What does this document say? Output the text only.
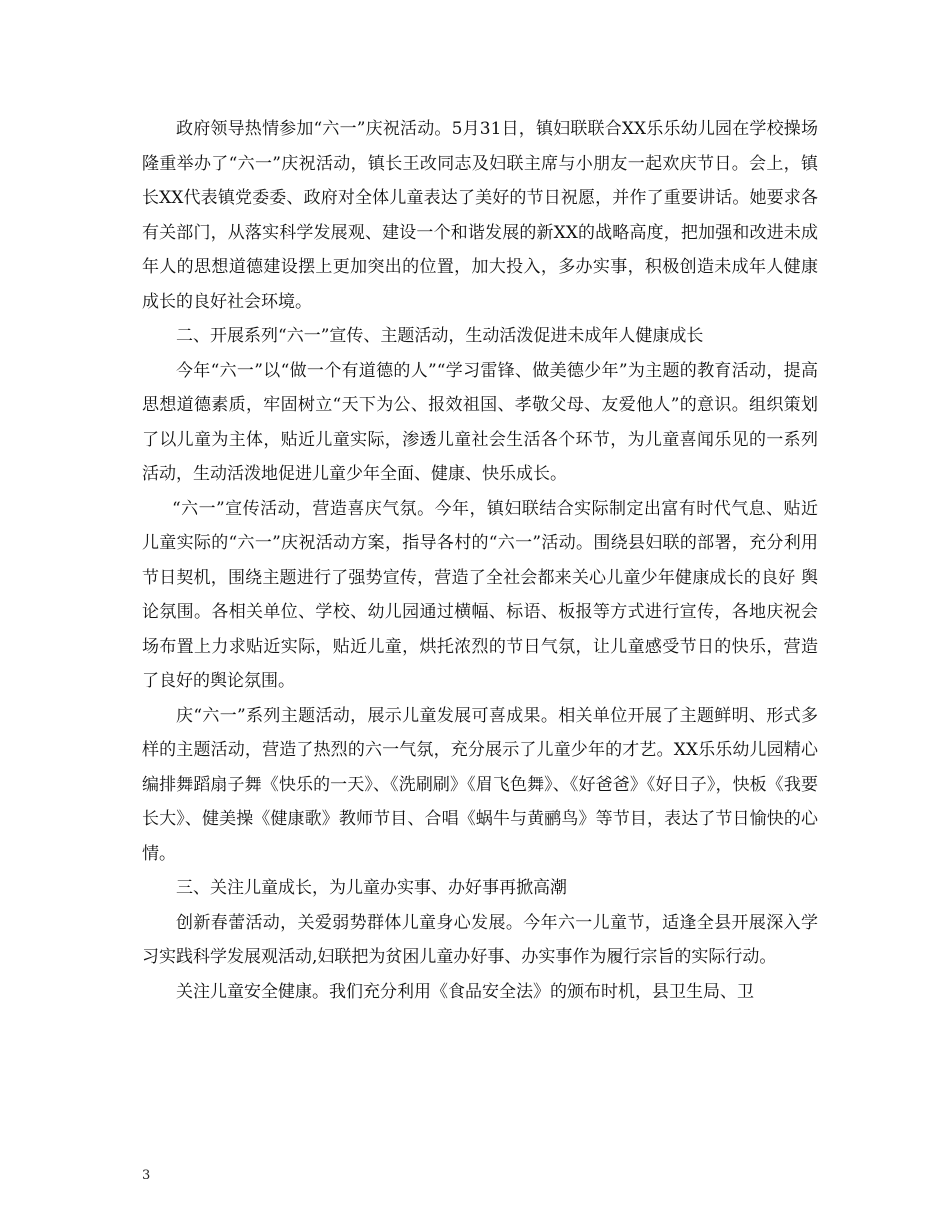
政府领导热情参加“六一”庆祝活动。5月31日，镇妇联联合XX乐乐幼儿园在学校操场隆重举办了“六一”庆祝活动，镇长王改同志及妇联主席与小朋友一起欢庆节日。会上，镇长XX代表镇党委委、政府对全体儿童表达了美好的节日祝愿，并作了重要讲话。她要求各有关部门，从落实科学发展观、建设一个和谐发展的新XX的战略高度，把加强和改进未成年人的思想道德建设摆上更加突出的位置，加大投入，多办实事，积极创造未成年人健康成长的良好社会环境。

二、开展系列“六一”宣传、主题活动，生动活泼促进未成年人健康成长

今年“六一”以“做一个有道德的人”“学习雷锋、做美德少年”为主题的教育活动，提高思想道德素质，牢固树立“天下为公、报效祖国、孝敬父母、友爱他人”的意识。组织策划了以儿童为主体，贴近儿童实际，渗透儿童社会生活各个环节，为儿童喜闻乐见的一系列活动，生动活泼地促进儿童少年全面、健康、快乐成长。

“六一”宣传活动，营造喜庆气氛。今年，镇妇联结合实际制定出富有时代气息、贴近儿童实际的“六一”庆祝活动方案，指导各村的“六一”活动。围绕县妇联的部署，充分利用节日契机，围绕主题进行了强势宣传，营造了全社会都来关心儿童少年健康成长的良好 舆论氛围。各相关单位、学校、幼儿园通过横幅、标语、板报等方式进行宣传，各地庆祝会场布置上力求贴近实际，贴近儿童，烘托浓烈的节日气氛，让儿童感受节日的快乐，营造了良好的舆论氛围。

庆“六一”系列主题活动，展示儿童发展可喜成果。相关单位开展了主题鲜明、形式多样的主题活动，营造了热烈的六一气氛，充分展示了儿童少年的才艺。XX乐乐幼儿园精心编排舞蹈扇子舞《快乐的一天》、《洗刷刷》《眉飞色舞》、《好爸爸》《好日子》，快板《我要长大》、健美操《健康歌》教师节目、合唱《蜗牛与黄鹂鸟》等节目，表达了节日愉快的心情。

三、关注儿童成长，为儿童办实事、办好事再掀高潮

创新春蕾活动，关爱弱势群体儿童身心发展。今年六一儿童节，适逢全县开展深入学习实践科学发展观活动,妇联把为贫困儿童办好事、办实事作为履行宗旨的实际行动。

关注儿童安全健康。我们充分利用《食品安全法》的颁布时机，县卫生局、卫

3
